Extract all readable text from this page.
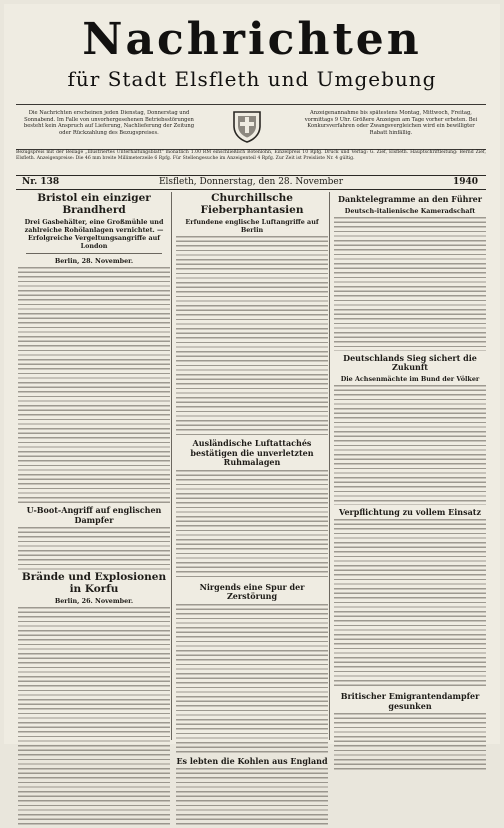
Nachrichten
für Stadt Elsfleth und Umgebung
Die Nachrichten erscheinen jeden Dienstag, Donnerstag und Sonnabend. Im Falle von unvorhergesehenen Betriebsstörungen besteht kein Anspruch auf Lieferung, Nachlieferung der Zeitung oder Rückzahlung des Bezugspreises.
Anzeigenannahme bis spätestens Montag, Mittwoch, Freitag, vormittags 9 Uhr. Größere Anzeigen am Tage vorher erbeten. Bei Konkursverfahren oder Zwangsvergleichen wird ein bewilligter Rabatt hinfällig.
Bezugspreis mit der Beilage „Illustriertes Unterhaltungsblatt“ monatlich 1.00 RM einschließlich Botenlohn, Einzelpreis 10 Rpfg. Druck und Verlag: G. Zief, Elsfleth. Hauptschriftleitung: Bernd Zief, Elsfleth. Anzeigenpreise: Die 46 mm breite Millimeterzeile 6 Rpfg. Für Stellengesuche im Anzeigenteil 4 Rpfg. Zur Zeit ist Preisliste Nr. 4 gültig.
Nr. 138	Elsfleth, Donnerstag, den 28. November	1940
Bristol ein einziger Brandherd
Drei Gasbehälter, eine Großmühle und zahlreiche Rohölanlagen vernichtet. — Erfolgreiche Vergeltungsangriffe auf London
Berlin, 28. November.
U-Boot-Angriff auf englischen Dampfer
Brände und Explosionen in Korfu
Berlin, 26. November.
Churchillsche Fieberphantasien
Erfundene englische Luftangriffe auf Berlin
Ausländische Luftattachés bestätigen die unverletzten Ruhmalagen
Nirgends eine Spur der Zerstörung
Es lebten die Kohlen aus England
Danktelegramme an den Führer
Deutsch-italienische Kameradschaft
Deutschlands Sieg sichert die Zukunft
Die Achsenmächte im Bund der Völker
Verpflichtung zu vollem Einsatz
Britischer Emigrantendampfer gesunken
